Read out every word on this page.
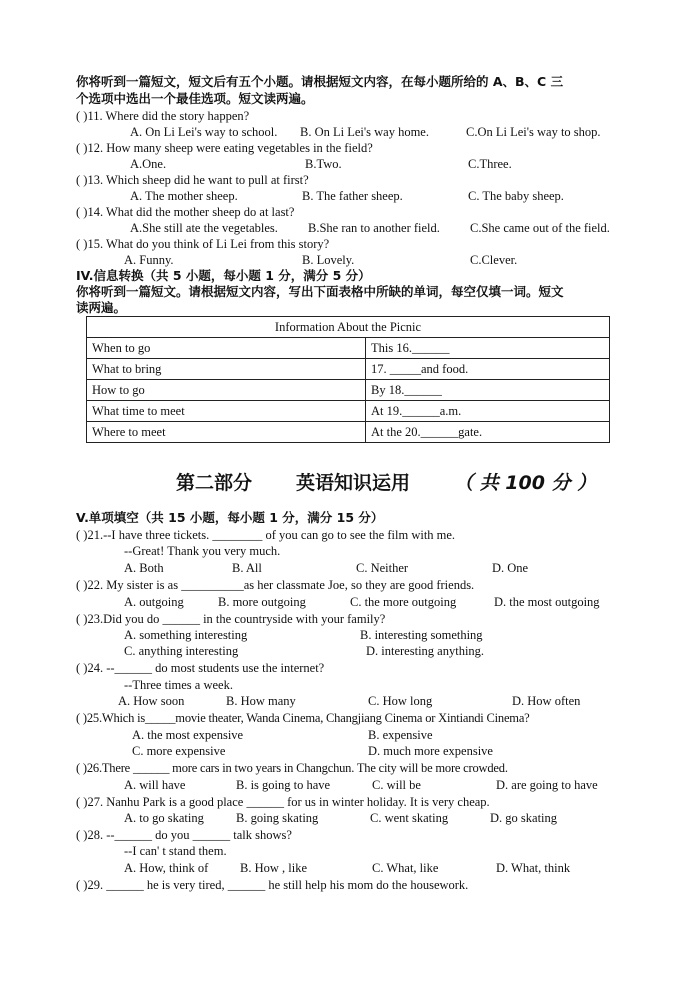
你将听到一篇短文，短文后有五个小题。请根据短文内容，在每小题所给的 A、B、C 三
个选项中选出一个最佳选项。短文读两遍。
( )11. Where did the story happen?
A. On Li Lei's way to school. B. On Li Lei's way home.	C.On Li Lei's way to shop.
( )12. How many sheep were eating vegetables in the field?
A.One.	B.Two.	C.Three.
( )13. Which sheep did he want to pull at first?
A. The mother sheep.	B. The father sheep.	C. The baby sheep.
( )14. What did the mother sheep do at last?
A.She still ate the vegetables. B.She ran to another field. C.She came out of the field.
( )15. What do you think of Li Lei from this story?
A. Funny.	B. Lovely.	C.Clever.
IV.信息转换（共 5 小题，每小题 1 分，满分 5 分）
你将听到一篇短文。请根据短文内容，写出下面表格中所缺的单词，每空仅填一词。短文
读两遍。
Information About the Picnic	
When to go	This 16.______
What to bring	17. _____and food.
How to go	By 18.______
What time to meet	At 19.______a.m.
Where to meet	At the 20.______gate.
第二部分 英语知识运用 （ 共 100 分 ）
V.单项填空（共 15 小题，每小题 1 分，满分 15 分）
( )21.--I have three tickets. ________ of you can go to see the film with me.
--Great! Thank you very much.
A. Both	B. All	C. Neither	D. One
( )22. My sister is as __________as her classmate Joe, so they are good friends.
A. outgoing	B. more outgoing	C. the more outgoing	D. the most outgoing
( )23.Did you do ______ in the countryside with your family?
A. something interesting	B. interesting something
C. anything interesting	D. interesting anything.
( )24. --______ do most students use the internet?
--Three times a week.
A. How soon	B. How many	C. How long	D. How often
( )25.Which is_____movie theater, Wanda Cinema, Changjiang Cinema or Xintiandi Cinema?
A. the most expensive	B. expensive
C. more expensive	D. much more expensive
( )26.There ______ more cars in two years in Changchun. The city will be more crowded.
A. will have	B. is going to have	C. will be	D. are going to have
( )27. Nanhu Park is a good place ______ for us in winter holiday. It is very cheap.
A. to go skating	B. going skating	C. went skating	D. go skating
( )28. --______ do you ______ talk shows?
--I can' t stand them.
A. How, think of	B. How , like	C. What, like	D. What, think
( )29. ______ he is very tired, ______ he still help his mom do the housework.
